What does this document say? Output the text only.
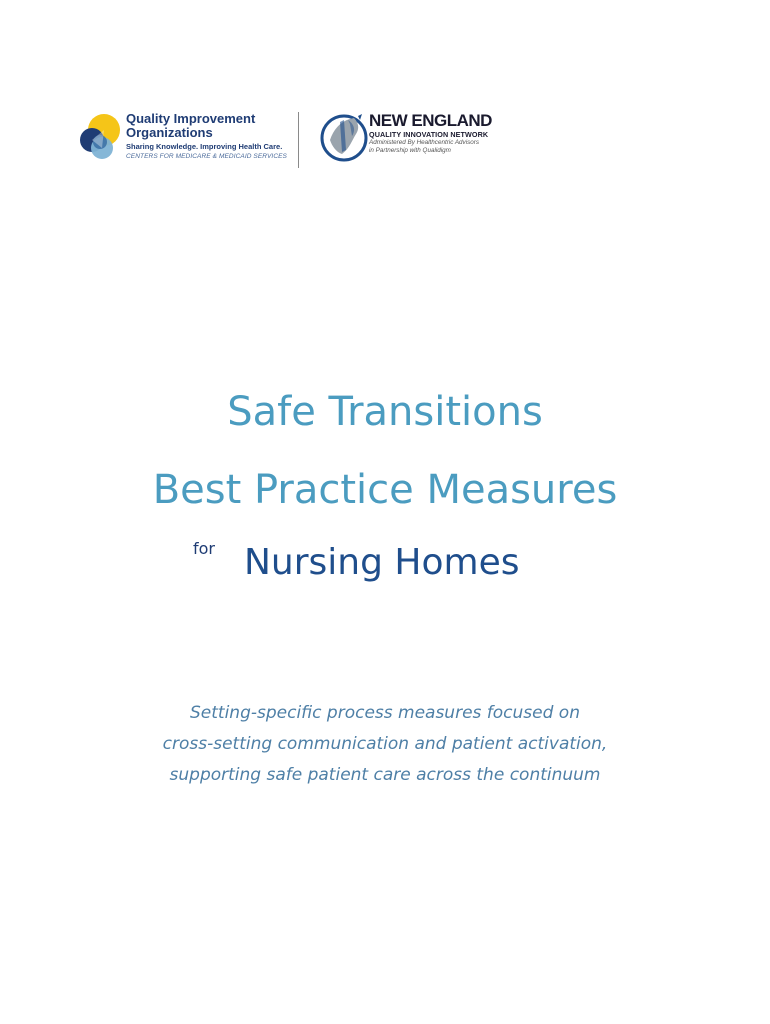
Quality Improvement
Organizations
Sharing Knowledge. Improving Health Care.
CENTERS FOR MEDICARE & MEDICAID SERVICES
NEW ENGLAND
QUALITY INNOVATION NETWORK
Administered By Healthcentric Advisors
in Partnership with Qualidigm
Safe Transitions
Best Practice Measures
for Nursing Homes
Setting-specific process measures focused on
cross-setting communication and patient activation,
supporting safe patient care across the continuum
